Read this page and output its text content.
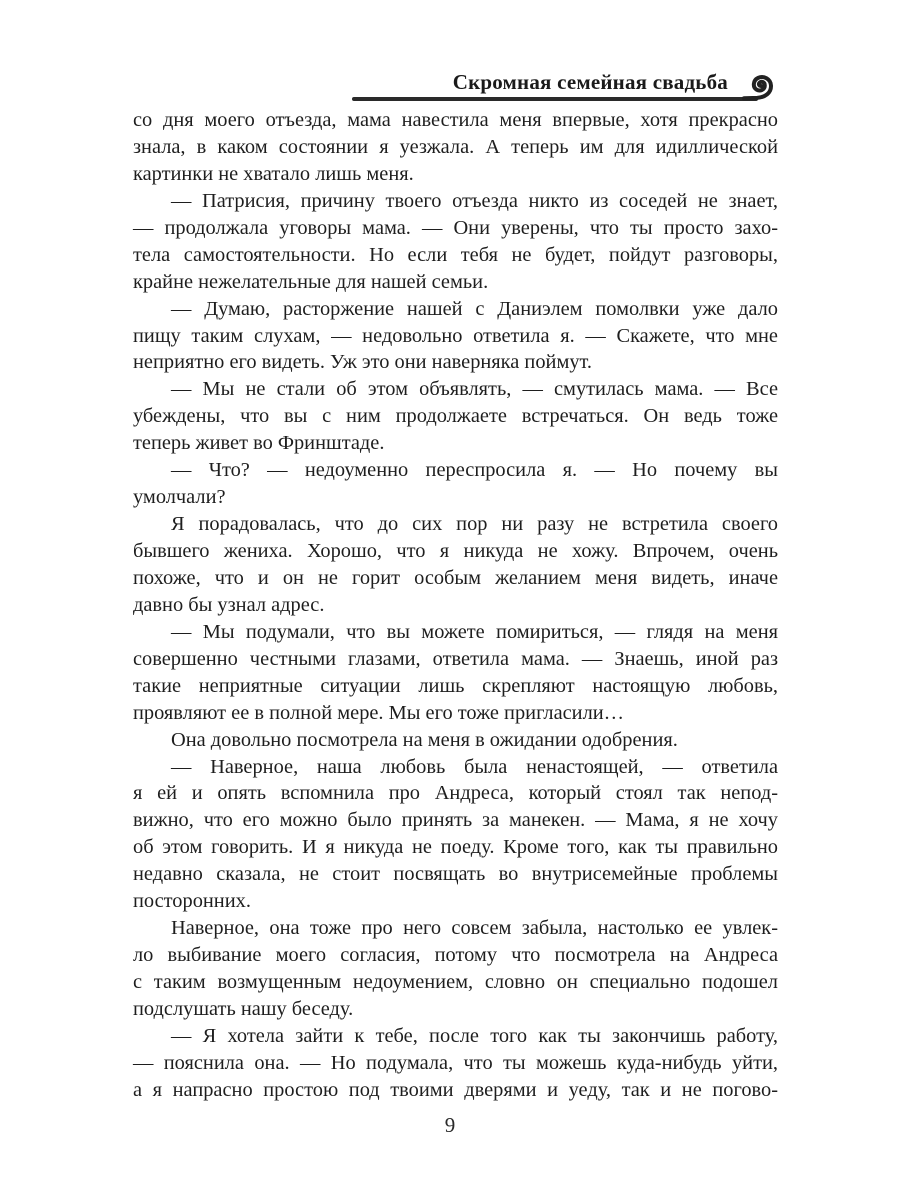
Скромная семейная свадьба
со дня моего отъезда, мама навестила меня впервые, хотя прекрасно
знала, в каком состоянии я уезжала. А теперь им для идиллической
картинки не хватало лишь меня.
— Патрисия, причину твоего отъезда никто из соседей не знает,
— продолжала уговоры мама. — Они уверены, что ты просто захо-
тела самостоятельности. Но если тебя не будет, пойдут разговоры,
крайне нежелательные для нашей семьи.
— Думаю, расторжение нашей с Даниэлем помолвки уже дало
пищу таким слухам, — недовольно ответила я. — Скажете, что мне
неприятно его видеть. Уж это они наверняка поймут.
— Мы не стали об этом объявлять, — смутилась мама. — Все
убеждены, что вы с ним продолжаете встречаться. Он ведь тоже
теперь живет во Фринштаде.
— Что? — недоуменно переспросила я. — Но почему вы
умолчали?
Я порадовалась, что до сих пор ни разу не встретила своего
бывшего жениха. Хорошо, что я никуда не хожу. Впрочем, очень
похоже, что и он не горит особым желанием меня видеть, иначе
давно бы узнал адрес.
— Мы подумали, что вы можете помириться, — глядя на меня
совершенно честными глазами, ответила мама. — Знаешь, иной раз
такие неприятные ситуации лишь скрепляют настоящую любовь,
проявляют ее в полной мере. Мы его тоже пригласили…
Она довольно посмотрела на меня в ожидании одобрения.
— Наверное, наша любовь была ненастоящей, — ответила
я ей и опять вспомнила про Андреса, который стоял так непод-
вижно, что его можно было принять за манекен. — Мама, я не хочу
об этом говорить. И я никуда не поеду. Кроме того, как ты правильно
недавно сказала, не стоит посвящать во внутрисемейные проблемы
посторонних.
Наверное, она тоже про него совсем забыла, настолько ее увлек-
ло выбивание моего согласия, потому что посмотрела на Андреса
с таким возмущенным недоумением, словно он специально подошел
подслушать нашу беседу.
— Я хотела зайти к тебе, после того как ты закончишь работу,
— пояснила она. — Но подумала, что ты можешь куда-нибудь уйти,
а я напрасно простою под твоими дверями и уеду, так и не погово-
9
